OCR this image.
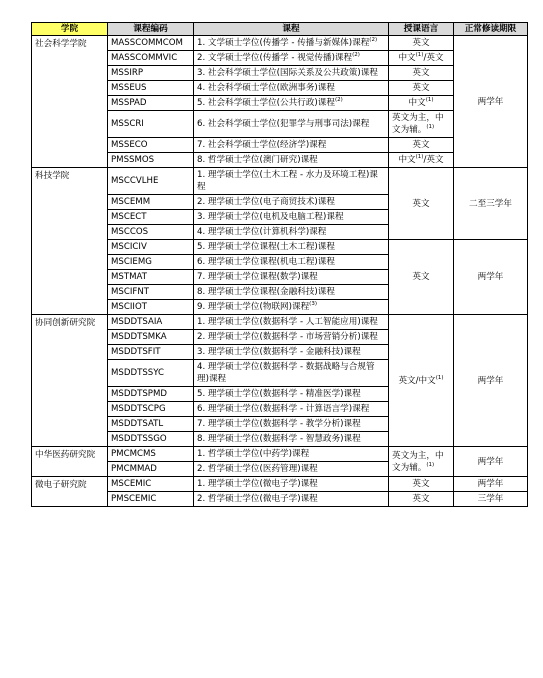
学院	课程编码	课程	授课语言	正常修读期限
社会科学学院	MASSCOMMCOM	1. 文学硕士学位(传播学 - 传播与新媒体)课程$^{(2)}$	英文	两学年
	MASSCOMMVIC	2. 文学硕士学位(传播学 - 视觉传播)课程$^{(2)}$	中文$^{(1)}$/英文	
	MSSIRP	3. 社会科学硕士学位(国际关系及公共政策)课程	英文	
	MSSEUS	4. 社会科学硕士学位(欧洲事务)课程	英文	
	MSSPAD	5. 社会科学硕士学位(公共行政)课程$^{(2)}$	中文$^{(1)}$
	MSSCRI	6. 社会科学硕士学位(犯罪学与刑事司法)课程	英文为主，中文为辅。$^{(1)}$
	MSSECO	7. 社会科学硕士学位(经济学)课程	英文	
	PMSSMOS	8. 哲学硕士学位(澳门研究)课程	中文$^{(1)}$/英文	
科技学院	MSCCVLHE	1. 理学硕士学位(土木工程 - 水力及环境工程)课程	英文	二至三学年
	MSCEMM	2. 理学硕士学位(电子商贸技术)课程		
	MSCECT	3. 理学硕士学位(电机及电脑工程)课程		
	MSCCOS	4. 理学硕士学位(计算机科学)课程		
	MSCICIV	5. 理学硕士学位课程(土木工程)课程	英文	两学年
	MSCIEMG	6. 理学硕士学位课程(机电工程)课程		
	MSTMAT	7. 理学硕士学位课程(数学)课程		
	MSCIFNT	8. 理学硕士学位课程(金融科技)课程		
	MSCIIOT	9. 理学硕士学位(物联网)课程$^{(3)}$
协同创新研究院	MSDDTSAIA	1. 理学硕士学位(数据科学 - 人工智能应用)课程	英文/中文$^{(1)}$	两学年
	MSDDTSMKA	2. 理学硕士学位(数据科学 - 市场营销分析)课程		
	MSDDTSFIT	3. 理学硕士学位(数据科学 - 金融科技)课程		
	MSDDTSSYC	4. 理学硕士学位(数据科学 - 数据战略与合规管理)课程		
	MSDDTSPMD	5. 理学硕士学位(数据科学 - 精准医学)课程		
	MSDDTSCPG	6. 理学硕士学位(数据科学 - 计算语言学)课程		
	MSDDTSATL	7. 理学硕士学位(数据科学 - 教学分析)课程		
	MSDDTSSGO	8. 理学硕士学位(数据科学 - 智慧政务)课程		
中华医药研究院	PMCMCMS	1. 哲学硕士学位(中药学)课程	英文为主，中文为辅。$^{(1)}$	两学年
	PMCMMAD	2. 哲学硕士学位(医药管理)课程		
微电子研究院	MSCEMIC	1. 理学硕士学位(微电子学)课程	英文	两学年
	PMSCEMIC	2. 哲学硕士学位(微电子学)课程	英文	三学年
